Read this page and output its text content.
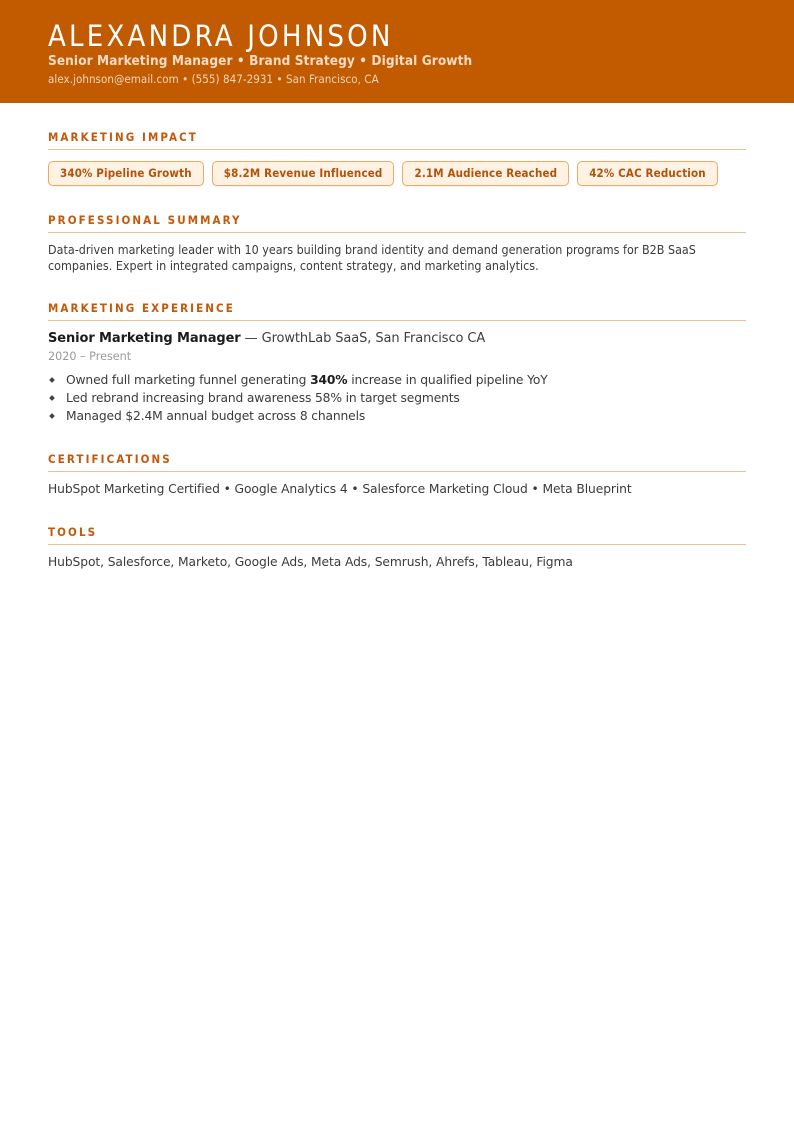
ALEXANDRA JOHNSON
Senior Marketing Manager • Brand Strategy • Digital Growth
alex.johnson@email.com • (555) 847-2931 • San Francisco, CA
MARKETING IMPACT
340% Pipeline Growth	$8.2M Revenue Influenced	2.1M Audience Reached	42% CAC Reduction
PROFESSIONAL SUMMARY
Data-driven marketing leader with 10 years building brand identity and demand generation programs for B2B SaaS companies. Expert in integrated campaigns, content strategy, and marketing analytics.
MARKETING EXPERIENCE
Senior Marketing Manager — GrowthLab SaaS, San Francisco CA
2020 – Present
Owned full marketing funnel generating 340% increase in qualified pipeline YoY
Led rebrand increasing brand awareness 58% in target segments
Managed $2.4M annual budget across 8 channels
CERTIFICATIONS
HubSpot Marketing Certified • Google Analytics 4 • Salesforce Marketing Cloud • Meta Blueprint
TOOLS
HubSpot, Salesforce, Marketo, Google Ads, Meta Ads, Semrush, Ahrefs, Tableau, Figma
